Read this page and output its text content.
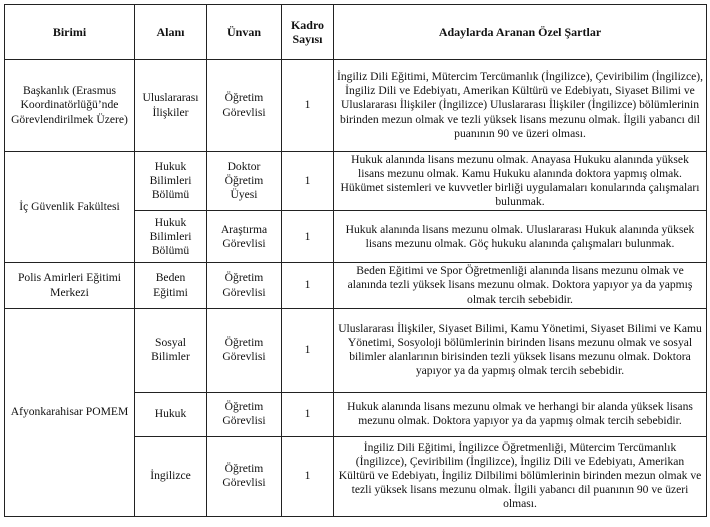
Birimi	Alanı	Ünvan	Kadro Sayısı	Adaylarda Aranan Özel Şartlar
Başkanlık (Erasmus Koordinatörlüğü’nde Görevlendirilmek Üzere)	Uluslararası İlişkiler	Öğretim Görevlisi	1	İngiliz Dili Eğitimi, Mütercim Tercümanlık (İngilizce), Çeviribilim (İngilizce), İngiliz Dili ve Edebiyatı, Amerikan Kültürü ve Edebiyatı, Siyaset Bilimi ve Uluslararası İlişkiler (İngilizce) Uluslararası İlişkiler (İngilizce) bölümlerinin birinden mezun olmak ve tezli yüksek lisans mezunu olmak. İlgili yabancı dil puanının 90 ve üzeri olması.
İç Güvenlik Fakültesi	Hukuk Bilimleri Bölümü	Doktor Öğretim Üyesi	1	Hukuk alanında lisans mezunu olmak. Anayasa Hukuku alanında yüksek lisans mezunu olmak. Kamu Hukuku alanında doktora yapmış olmak. Hükümet sistemleri ve kuvvetler birliği uygulamaları konularında çalışmaları bulunmak.
	Hukuk Bilimleri Bölümü	Araştırma Görevlisi	1	Hukuk alanında lisans mezunu olmak. Uluslararası Hukuk alanında yüksek lisans mezunu olmak. Göç hukuku alanında çalışmaları bulunmak.
Polis Amirleri Eğitimi Merkezi	Beden Eğitimi	Öğretim Görevlisi	1	Beden Eğitimi ve Spor Öğretmenliği alanında lisans mezunu olmak ve alanında tezli yüksek lisans mezunu olmak. Doktora yapıyor ya da yapmış olmak tercih sebebidir.
Afyonkarahisar POMEM	Sosyal Bilimler	Öğretim Görevlisi	1	Uluslararası İlişkiler, Siyaset Bilimi, Kamu Yönetimi, Siyaset Bilimi ve Kamu Yönetimi, Sosyoloji bölümlerinin birinden lisans mezunu olmak ve sosyal bilimler alanlarının birisinden tezli yüksek lisans mezunu olmak. Doktora yapıyor ya da yapmış olmak tercih sebebidir.
	Hukuk	Öğretim Görevlisi	1	Hukuk alanında lisans mezunu olmak ve herhangi bir alanda yüksek lisans mezunu olmak. Doktora yapıyor ya da yapmış olmak tercih sebebidir.
	İngilizce	Öğretim Görevlisi	1	İngiliz Dili Eğitimi, İngilizce Öğretmenliği, Mütercim Tercümanlık (İngilizce), Çeviribilim (İngilizce), İngiliz Dili ve Edebiyatı, Amerikan Kültürü ve Edebiyatı, İngiliz Dilbilimi bölümlerinin birinden mezun olmak ve tezli yüksek lisans mezunu olmak. İlgili yabancı dil puanının 90 ve üzeri olması.
